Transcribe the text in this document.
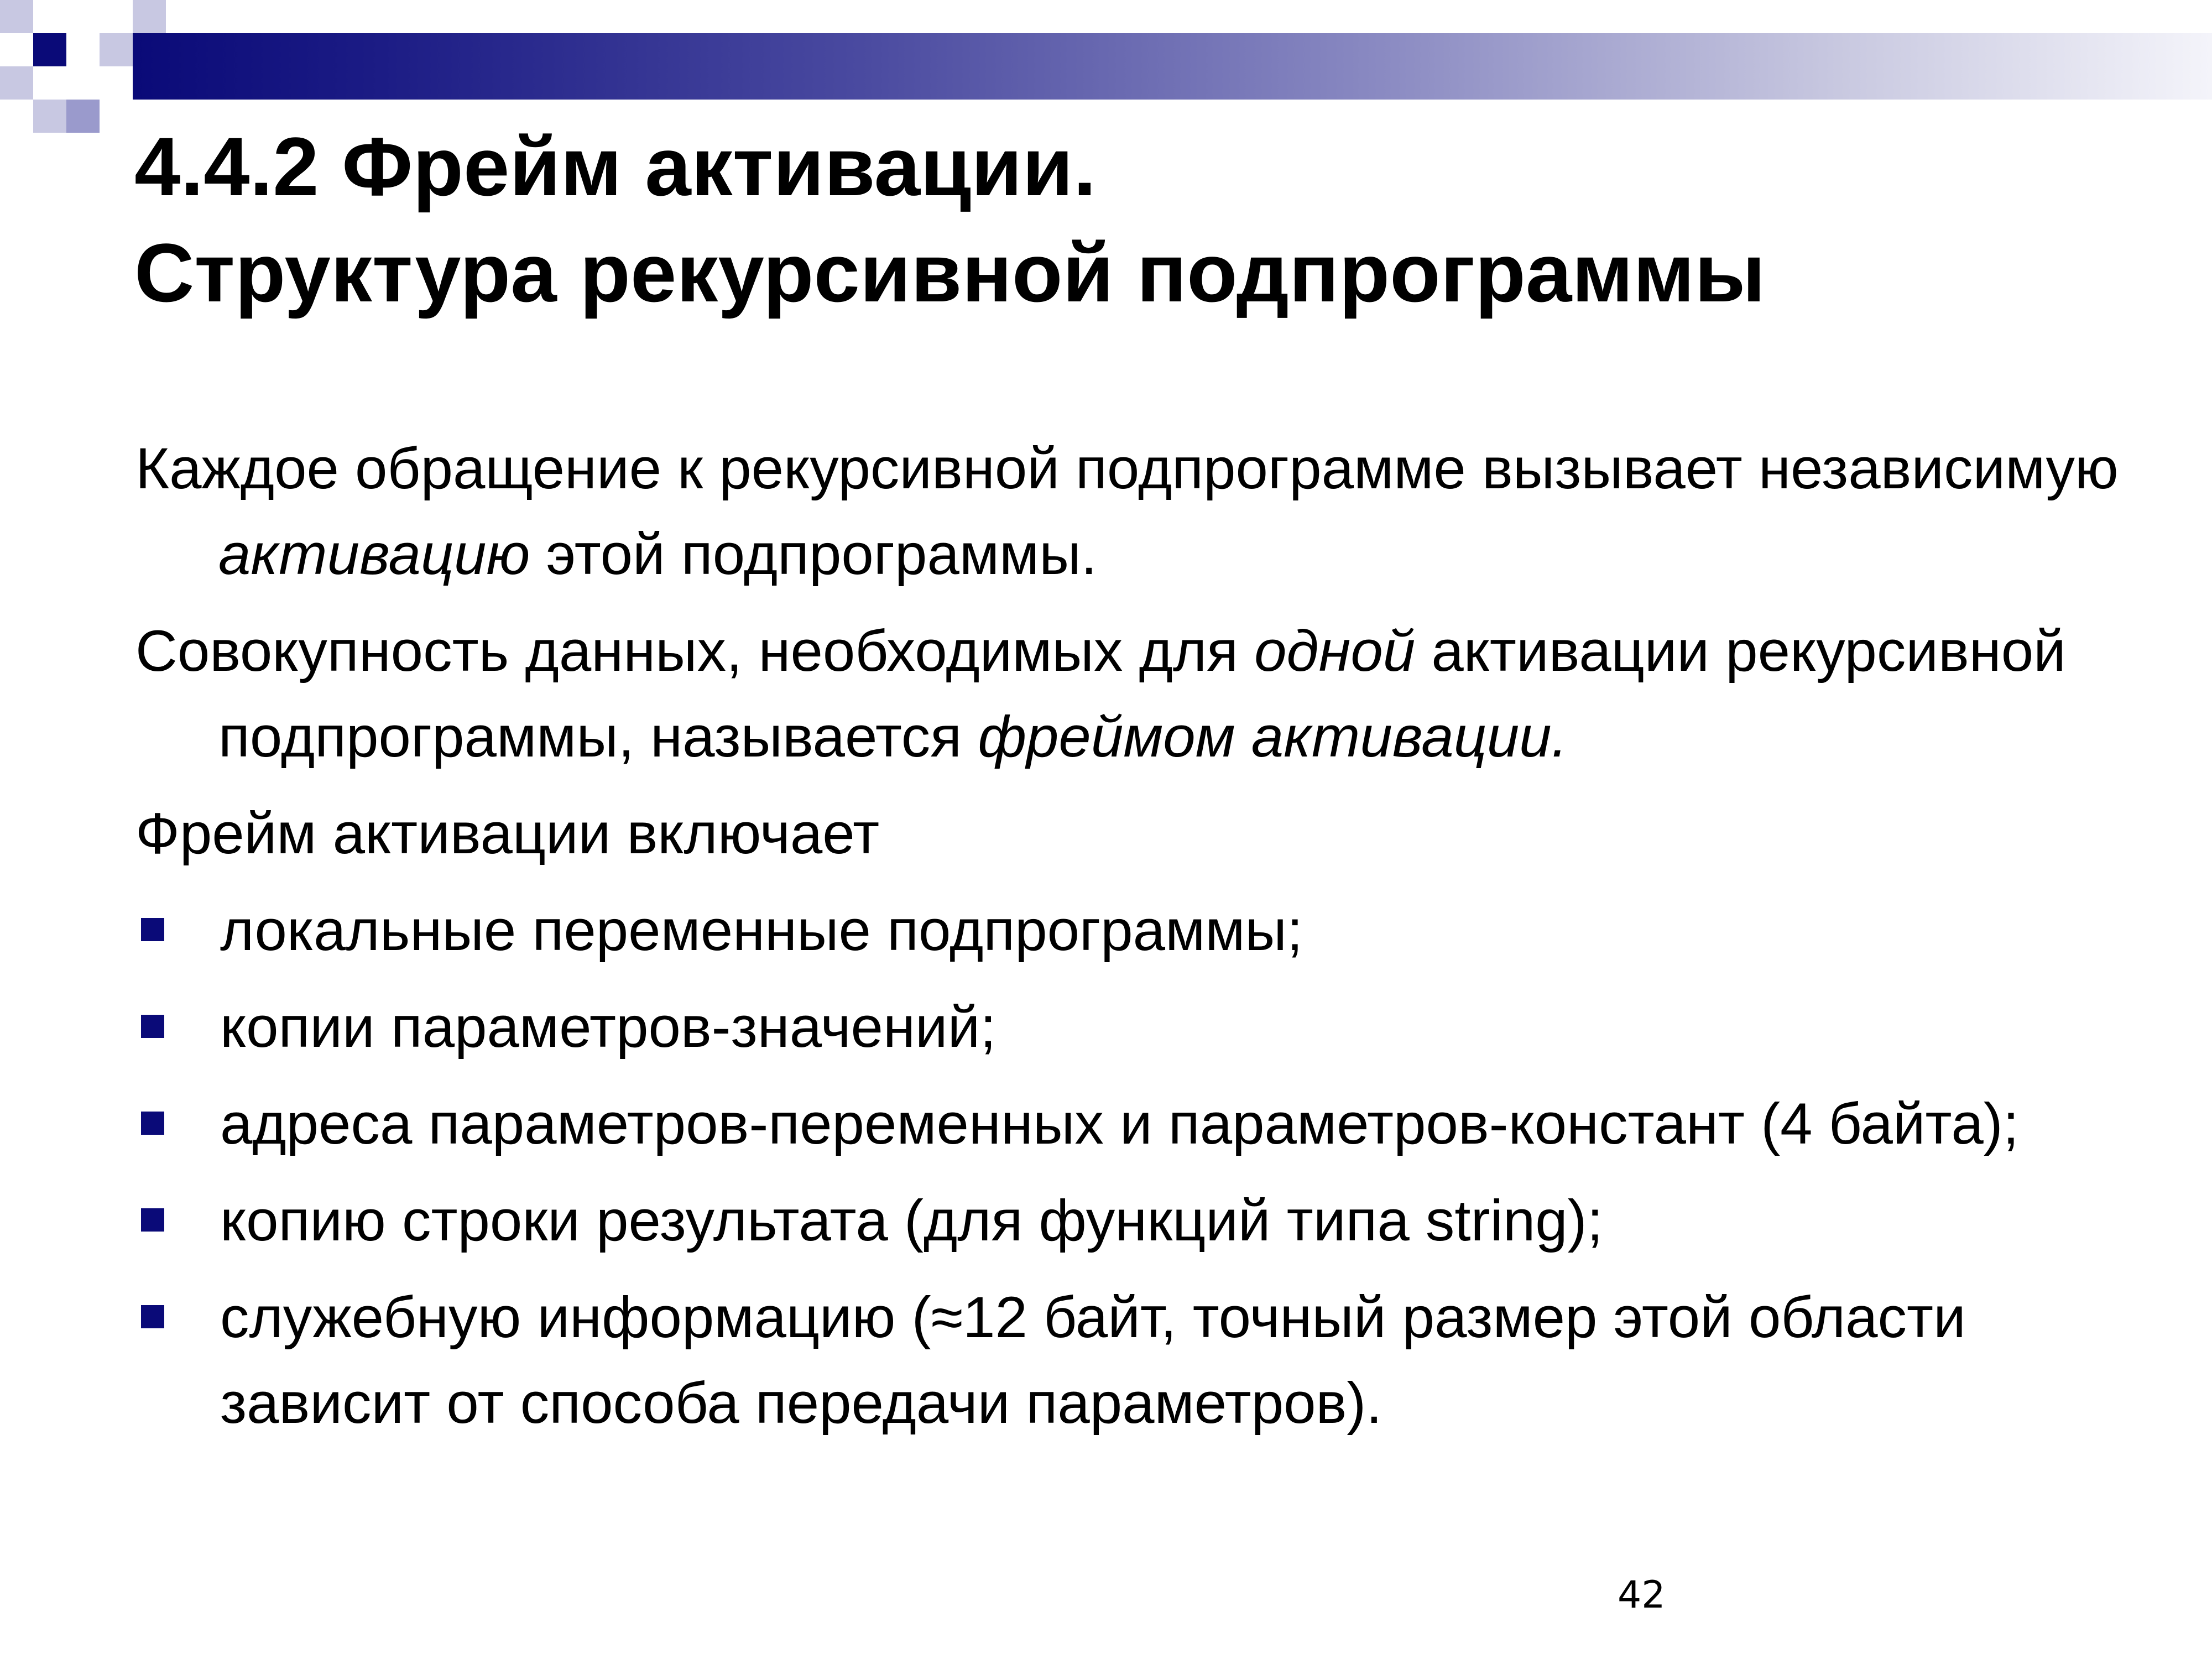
4.4.2 Фрейм активации.
Структура рекурсивной подпрограммы

Каждое обращение к рекурсивной подпрограмме вызывает независимую активацию этой подпрограммы.

Совокупность данных, необходимых для одной активации рекурсивной подпрограммы, называется фреймом активации.

Фрейм активации включает

локальные переменные подпрограммы;
копии параметров-значений;
адреса параметров-переменных и параметров-констант (4 байта);
копию строки результата (для функций типа string);
служебную информацию (≈12 байт, точный размер этой области зависит от способа передачи параметров).
42
